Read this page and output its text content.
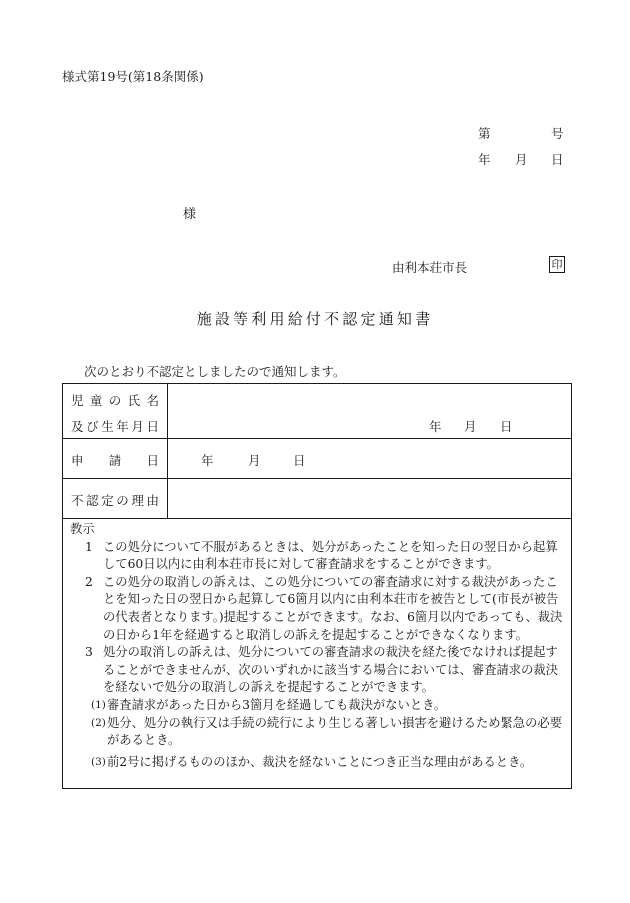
様式第19号(第18条関係)
第	号
年 月 日
様
由利本荘市長	印
施設等利用給付不認定通知書
次のとおり不認定としましたので通知します。
児 童 の 氏 名
及 び 生 年 月 日	年 月 日
申 請 日	年	月	日
不 認 定 の 理 由
教示
1 この処分について不服があるときは、処分があったことを知った日の翌日から起算して60日以内に由利本荘市長に対して審査請求をすることができます。
2 この処分の取消しの訴えは、この処分についての審査請求に対する裁決があったことを知った日の翌日から起算して6箇月以内に由利本荘市を被告として(市長が被告の代表者となります。)提起することができます。なお、6箇月以内であっても、裁決の日から1年を経過すると取消しの訴えを提起することができなくなります。
3 処分の取消しの訴えは、処分についての審査請求の裁決を経た後でなければ提起することができませんが、次のいずれかに該当する場合においては、審査請求の裁決を経ないで処分の取消しの訴えを提起することができます。
(1) 審査請求があった日から3箇月を経過しても裁決がないとき。
(2) 処分、処分の執行又は手続の続行により生じる著しい損害を避けるため緊急の必要があるとき。
(3) 前2号に掲げるもののほか、裁決を経ないことにつき正当な理由があるとき。
